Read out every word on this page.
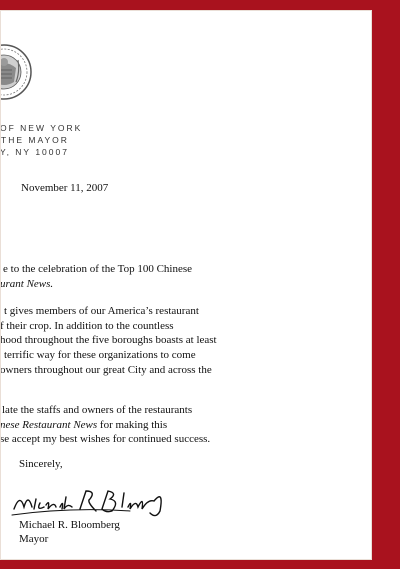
OF NEW YORK
THE MAYOR
Y, NY 10007
November 11, 2007

e to the celebration of the Top 100 Chinese
urant News.

t gives members of our America’s restaurant
f their crop. In addition to the countless
hood throughout the five boroughs boasts at least
terrific way for these organizations to come
owners throughout our great City and across the

late the staffs and owners of the restaurants
nese Restaurant News for making this
se accept my best wishes for continued success.

Sincerely,
Michael R. Bloomberg
Mayor
